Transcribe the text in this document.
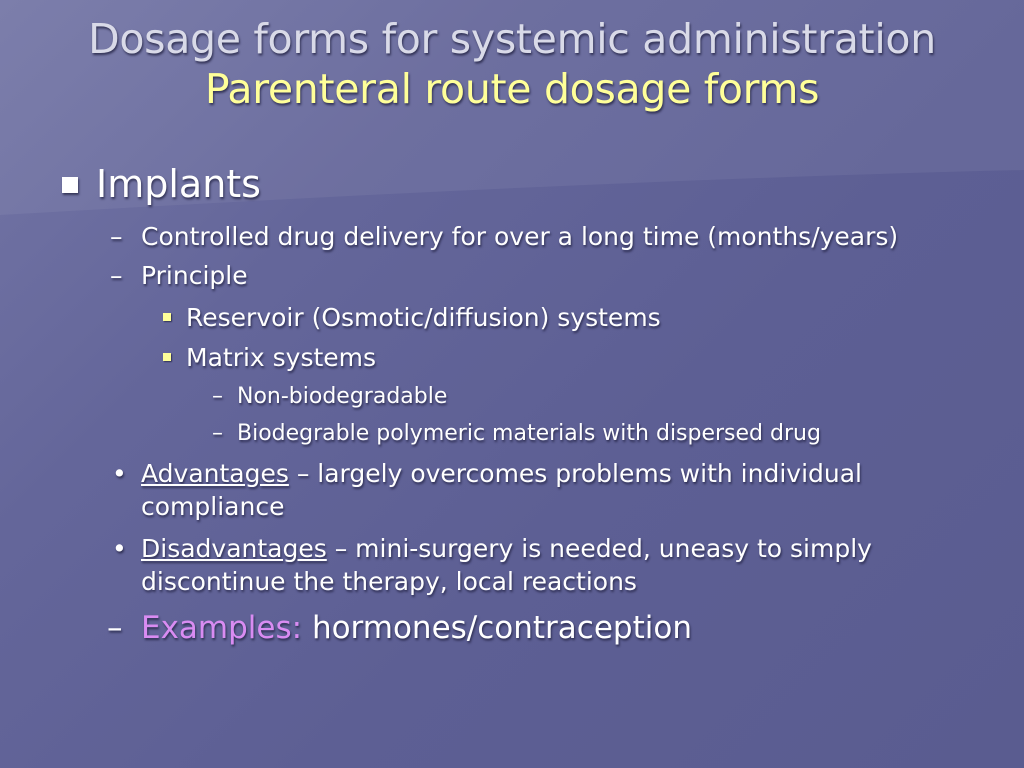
Dosage forms for systemic administration
Parenteral route dosage forms
Implants
– Controlled drug delivery for over a long time (months/years)
– Principle
Reservoir (Osmotic/diffusion) systems
Matrix systems
– Non-biodegradable
– Biodegrable polymeric materials with dispersed drug
• Advantages – largely overcomes problems with individual compliance
• Disadvantages – mini-surgery is needed, uneasy to simply discontinue the therapy, local reactions
– Examples: hormones/contraception
